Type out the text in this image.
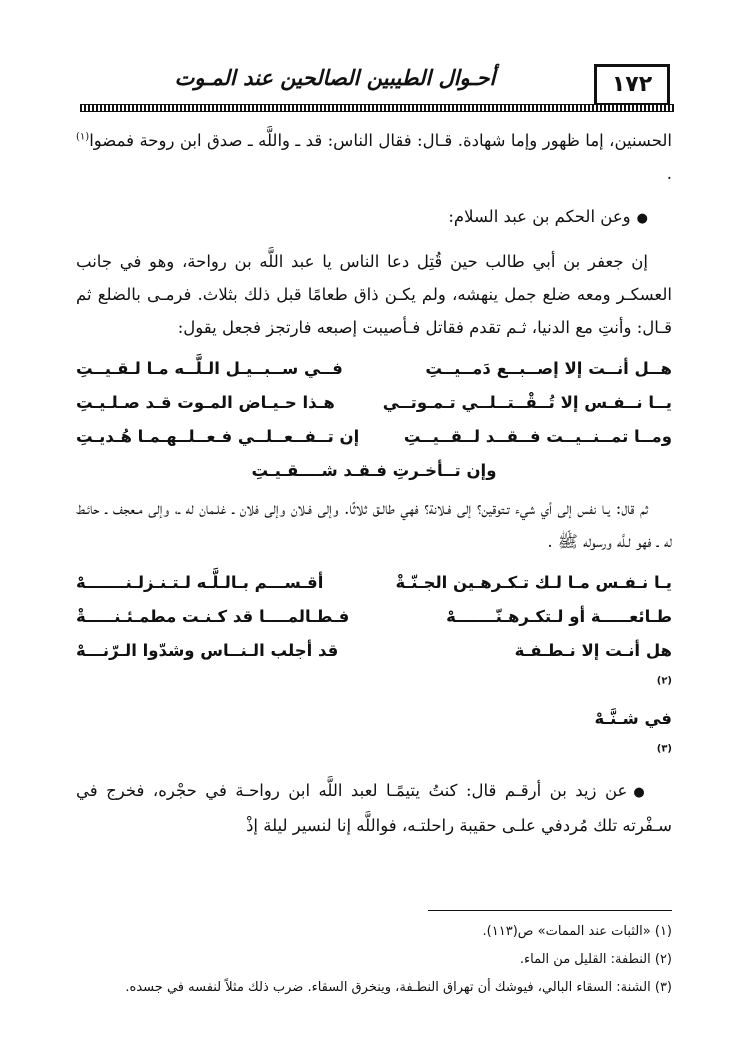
١٧٢
أحـوال الطيبين الصالحين عند المـوت

الحسنين، إما ظهور وإما شهادة. قـال: فقال الناس: قد ـ واللَّه ـ صدق ابن روحة فمضوا$^{(١)}$ .

●وعن الحكم بن عبد السلام:

إن جعفر بن أبي طالب حين قُتِل دعا الناس يا عبد اللَّه بن رواحة، وهو في جانب العسكـر ومعه ضلع جمل ينهشه، ولم يكـن ذاق طعامًا قبل ذلك بثلاث. فرمـى بالضلع ثم قـال: وأنتِ مع الدنيا، ثـم تقدم فقاتل فـأصيبت إصبعه فارتجز فجعل يقول:

هــل أنــت إلا إصــبــع دَمــيــتِ
فــي ســبــيـل الـلَّــه مـا لـقـيــتِ
يــا نــفـس إلا تُــقْــتــلــي تـمـوتــي
هـذا حـيـاض المـوت قـد صـلـيـتِ
ومــا تمــنــيــت فــقــد لــقــيــتِ
إن تــفــعــلــي فـعــلــهـمـا هُـديـتِ
وإن تــأخـرتِ فـقـد شــــقـيـتِ

ثم قال: يـا نفس إلى أي شيء تـتوقين؟ إلى فـلانة؟ فهي طالـق ثلاثًا. وإلى فـلان وإلى فلان ـ غلـمان له ـ، وإلى مـعجف ـ حائـط له ـ فهو لـلَّه ورسوله ﷺ .

يـا نـفـس مـا لـك تـكـرهـين الجـنّـةْ
أقـســـم بـالـلَّـه لـتـنـزلـنـــــــهْ
طـائعـــــة أو لـتكـرهـنّـــــــهْ
فـطـالمــــا قد كـنـت مطمـئـنـــــةْ
هل أنـت إلا نـطـفـة
$^{(٢)}$
في شـنَّـهْ
$^{(٣)}$
قد أجلب الـنــاس وشدّوا الـرّنـــهْ

●عن زيد بن أرقـم قال: كنتُ يتيمًـا لعبد اللَّه ابن رواحـة في حجْره، فخرج في سـفْرته تلك مُردفي علـى حقيبة راحلتـه، فواللَّه إنا لنسير ليلة إذْ

(١) «الثبات عند الممات» ص(١١٣).

(٢) النطفة: القليل من الماء.

(٣) الشنة: السقاء البالي، فيوشك أن تهراق النطـفة، وينخرق السقاء. ضرب ذلك مثلاً لنفسه في جسده.
